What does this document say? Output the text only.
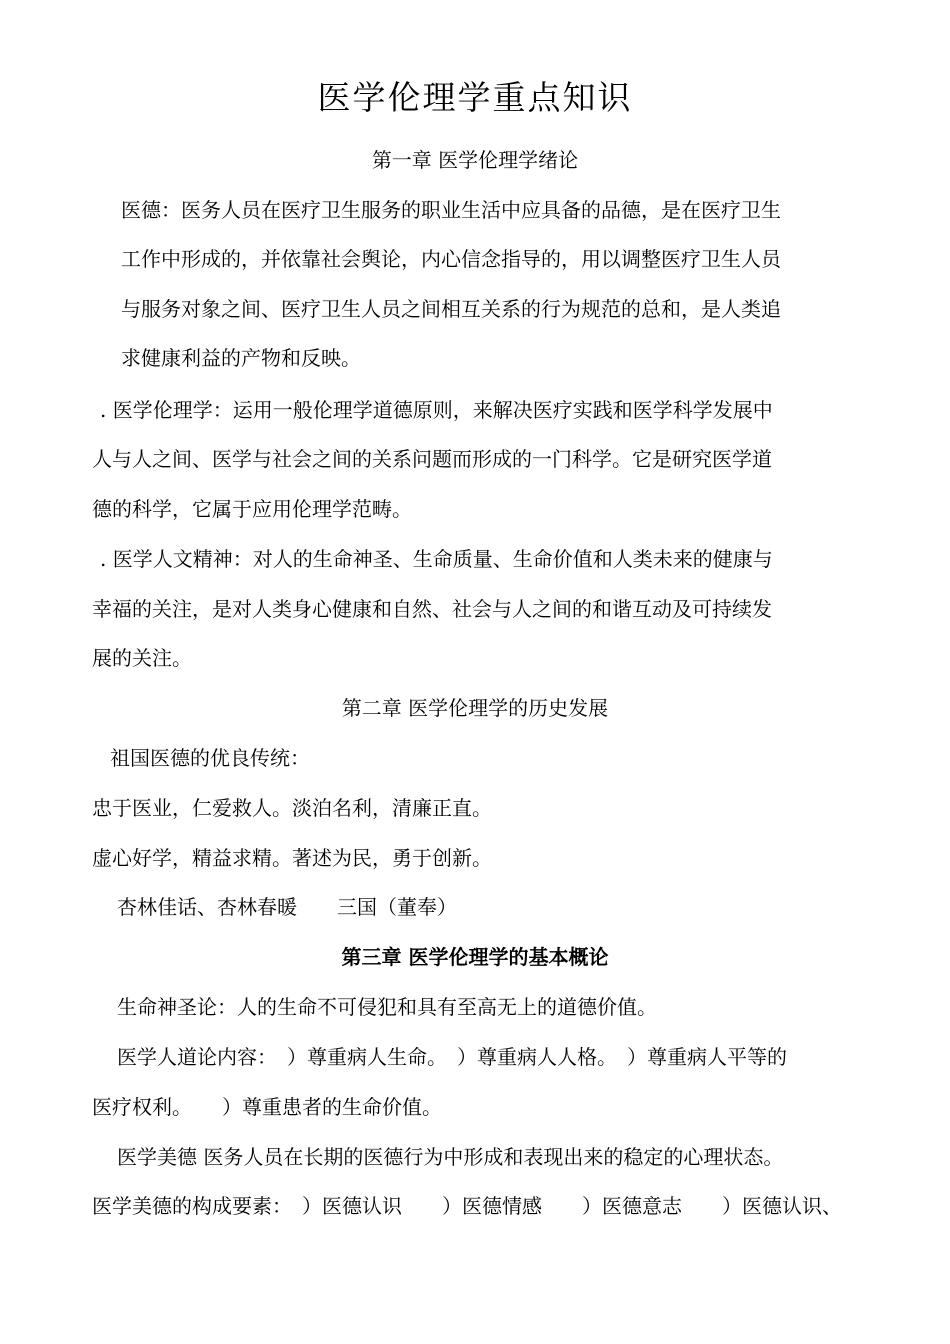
医学伦理学重点知识
第一章 医学伦理学绪论
医德：医务人员在医疗卫生服务的职业生活中应具备的品德，是在医疗卫生
工作中形成的，并依靠社会舆论，内心信念指导的，用以调整医疗卫生人员
与服务对象之间、医疗卫生人员之间相互关系的行为规范的总和，是人类追
求健康利益的产物和反映。
. 医学伦理学：运用一般伦理学道德原则，来解决医疗实践和医学科学发展中
人与人之间、医学与社会之间的关系问题而形成的一门科学。它是研究医学道
德的科学，它属于应用伦理学范畴。
. 医学人文精神：对人的生命神圣、生命质量、生命价值和人类未来的健康与
幸福的关注，是对人类身心健康和自然、社会与人之间的和谐互动及可持续发
展的关注。
第二章 医学伦理学的历史发展
祖国医德的优良传统：
忠于医业，仁爱救人。淡泊名利，清廉正直。
虚心好学，精益求精。著述为民，勇于创新。
杏林佳话、杏林春暖　　三国（董奉）
第三章 医学伦理学的基本概论
生命神圣论：人的生命不可侵犯和具有至高无上的道德价值。
医学人道论内容：　）尊重病人生命。　）尊重病人人格。　）尊重病人平等的
医疗权利。　　）尊重患者的生命价值。
医学美德 医务人员在长期的医德行为中形成和表现出来的稳定的心理状态。
医学美德的构成要素：　）医德认识　　）医德情感　　）医德意志　　）医德认识、
